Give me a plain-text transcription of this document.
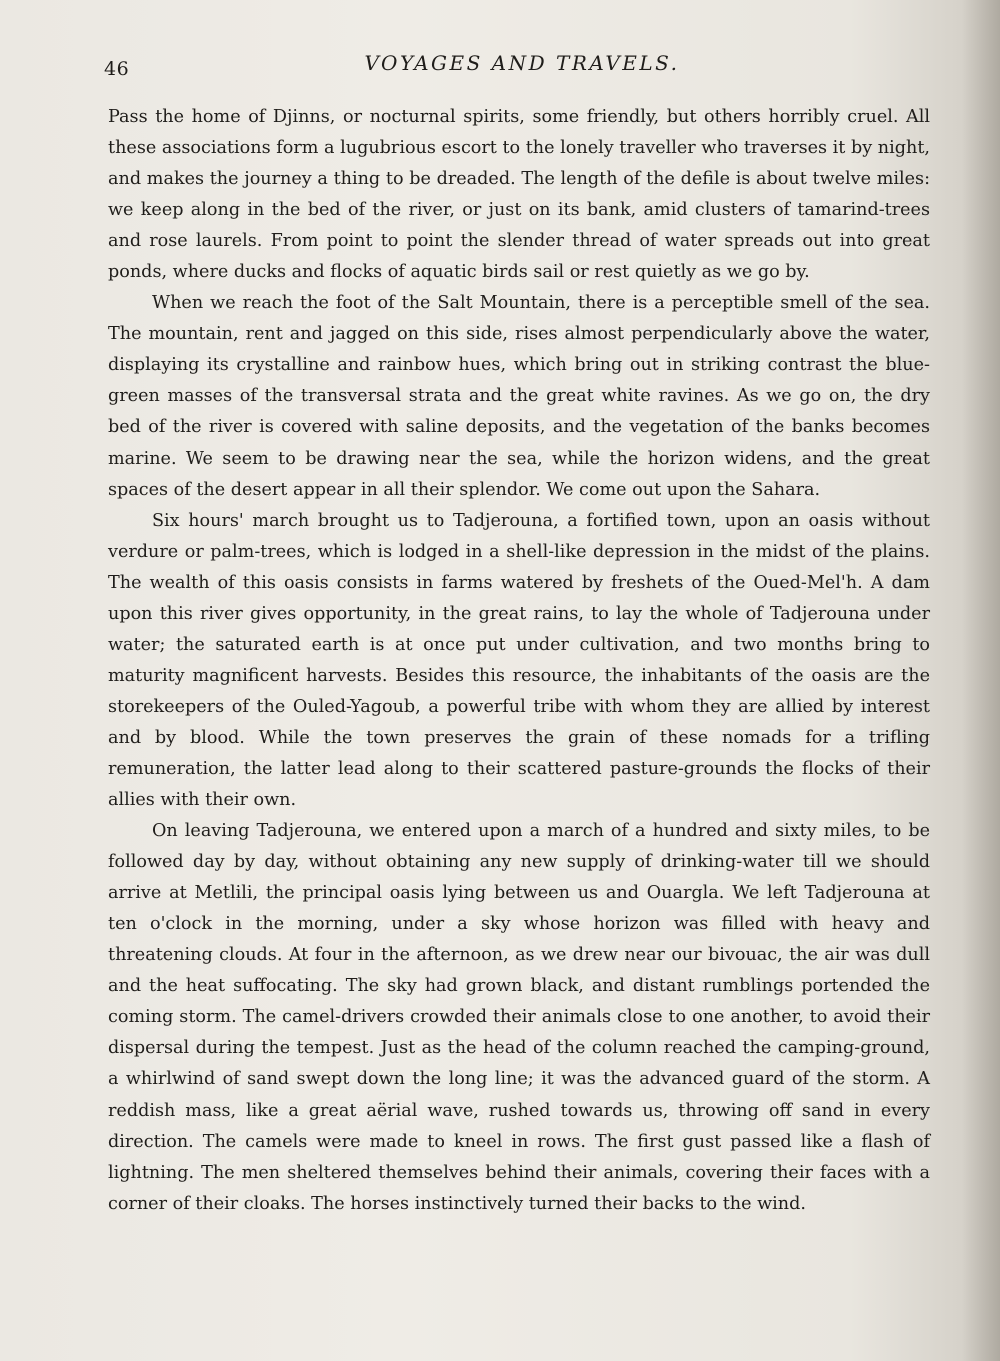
46	VOYAGES AND TRAVELS.

Pass the home of Djinns, or nocturnal spirits, some friendly, but others horribly cruel. All these associations form a lugubrious escort to the lonely traveller who traverses it by night, and makes the journey a thing to be dreaded. The length of the defile is about twelve miles: we keep along in the bed of the river, or just on its bank, amid clusters of tamarind-trees and rose laurels. From point to point the slender thread of water spreads out into great ponds, where ducks and flocks of aquatic birds sail or rest quietly as we go by.

When we reach the foot of the Salt Mountain, there is a perceptible smell of the sea. The mountain, rent and jagged on this side, rises almost perpendicularly above the water, displaying its crystalline and rainbow hues, which bring out in striking contrast the blue-green masses of the transversal strata and the great white ravines. As we go on, the dry bed of the river is covered with saline deposits, and the vegetation of the banks becomes marine. We seem to be drawing near the sea, while the horizon widens, and the great spaces of the desert appear in all their splendor. We come out upon the Sahara.

Six hours' march brought us to Tadjerouna, a fortified town, upon an oasis without verdure or palm-trees, which is lodged in a shell-like depression in the midst of the plains. The wealth of this oasis consists in farms watered by freshets of the Oued-Mel'h. A dam upon this river gives opportunity, in the great rains, to lay the whole of Tadjerouna under water; the saturated earth is at once put under cultivation, and two months bring to maturity magnificent harvests. Besides this resource, the inhabitants of the oasis are the storekeepers of the Ouled-Yagoub, a powerful tribe with whom they are allied by interest and by blood. While the town preserves the grain of these nomads for a trifling remuneration, the latter lead along to their scattered pasture-grounds the flocks of their allies with their own.

On leaving Tadjerouna, we entered upon a march of a hundred and sixty miles, to be followed day by day, without obtaining any new supply of drinking-water till we should arrive at Metlili, the principal oasis lying between us and Ouargla. We left Tadjerouna at ten o'clock in the morning, under a sky whose horizon was filled with heavy and threatening clouds. At four in the afternoon, as we drew near our bivouac, the air was dull and the heat suffocating. The sky had grown black, and distant rumblings portended the coming storm. The camel-drivers crowded their animals close to one another, to avoid their dispersal during the tempest. Just as the head of the column reached the camping-ground, a whirlwind of sand swept down the long line; it was the advanced guard of the storm. A reddish mass, like a great aërial wave, rushed towards us, throwing off sand in every direction. The camels were made to kneel in rows. The first gust passed like a flash of lightning. The men sheltered themselves behind their animals, covering their faces with a corner of their cloaks. The horses instinctively turned their backs to the wind.
